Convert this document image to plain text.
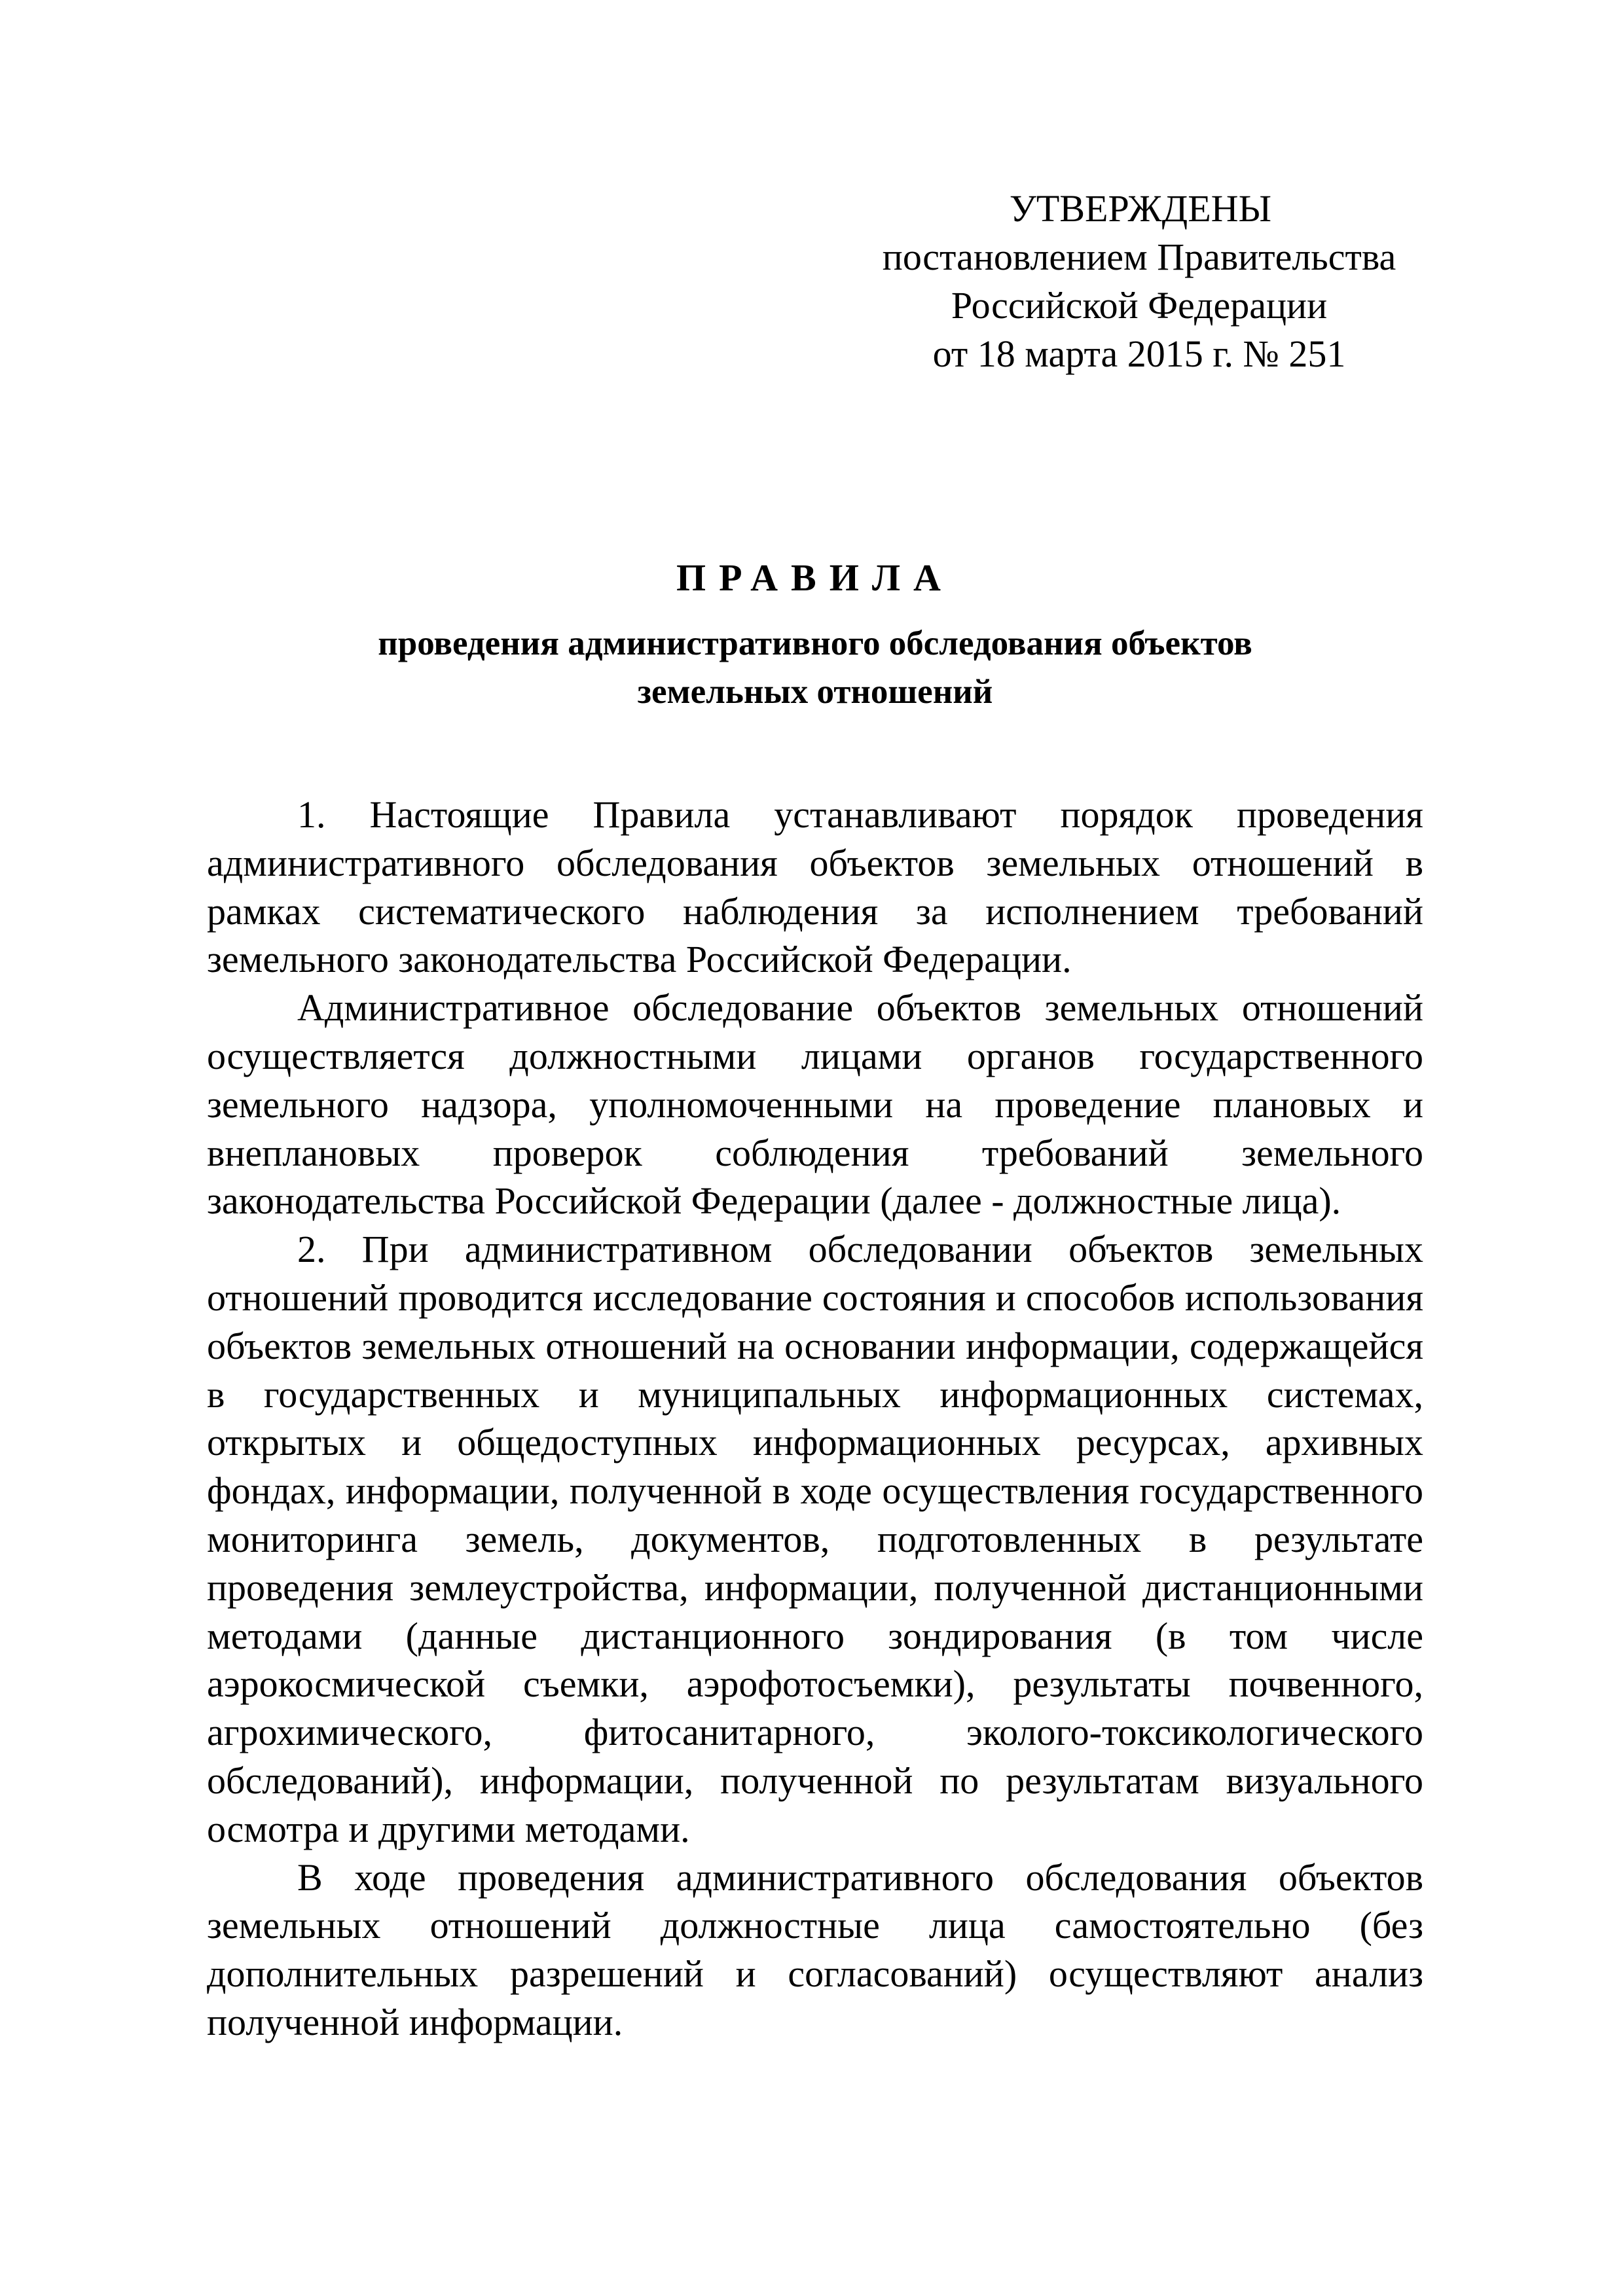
УТВЕРЖДЕНЫ
постановлением Правительства
Российской Федерации
от 18 марта 2015 г. № 251
ПРАВИЛА
проведения административного обследования объектов
земельных отношений

1. Настоящие Правила устанавливают порядок проведения административного обследования объектов земельных отношений в рамках систематического наблюдения за исполнением требований земельного законодательства Российской Федерации.

Административное обследование объектов земельных отношений осуществляется должностными лицами органов государственного земельного надзора, уполномоченными на проведение плановых и внеплановых проверок соблюдения требований земельного законодательства Российской Федерации (далее - должностные лица).

2. При административном обследовании объектов земельных отношений проводится исследование состояния и способов использования объектов земельных отношений на основании информации, содержащейся в государственных и муниципальных информационных системах, открытых и общедоступных информационных ресурсах, архивных фондах, информации, полученной в ходе осуществления государственного мониторинга земель, документов, подготовленных в результате проведения землеустройства, информации, полученной дистанционными методами (данные дистанционного зондирования (в том числе аэрокосмической съемки, аэрофотосъемки), результаты почвенного, агрохимического, фитосанитарного, эколого-токсикологического обследований), информации, полученной по результатам визуального осмотра и другими методами.

В ходе проведения административного обследования объектов земельных отношений должностные лица самостоятельно (без дополнительных разрешений и согласований) осуществляют анализ полученной информации.
